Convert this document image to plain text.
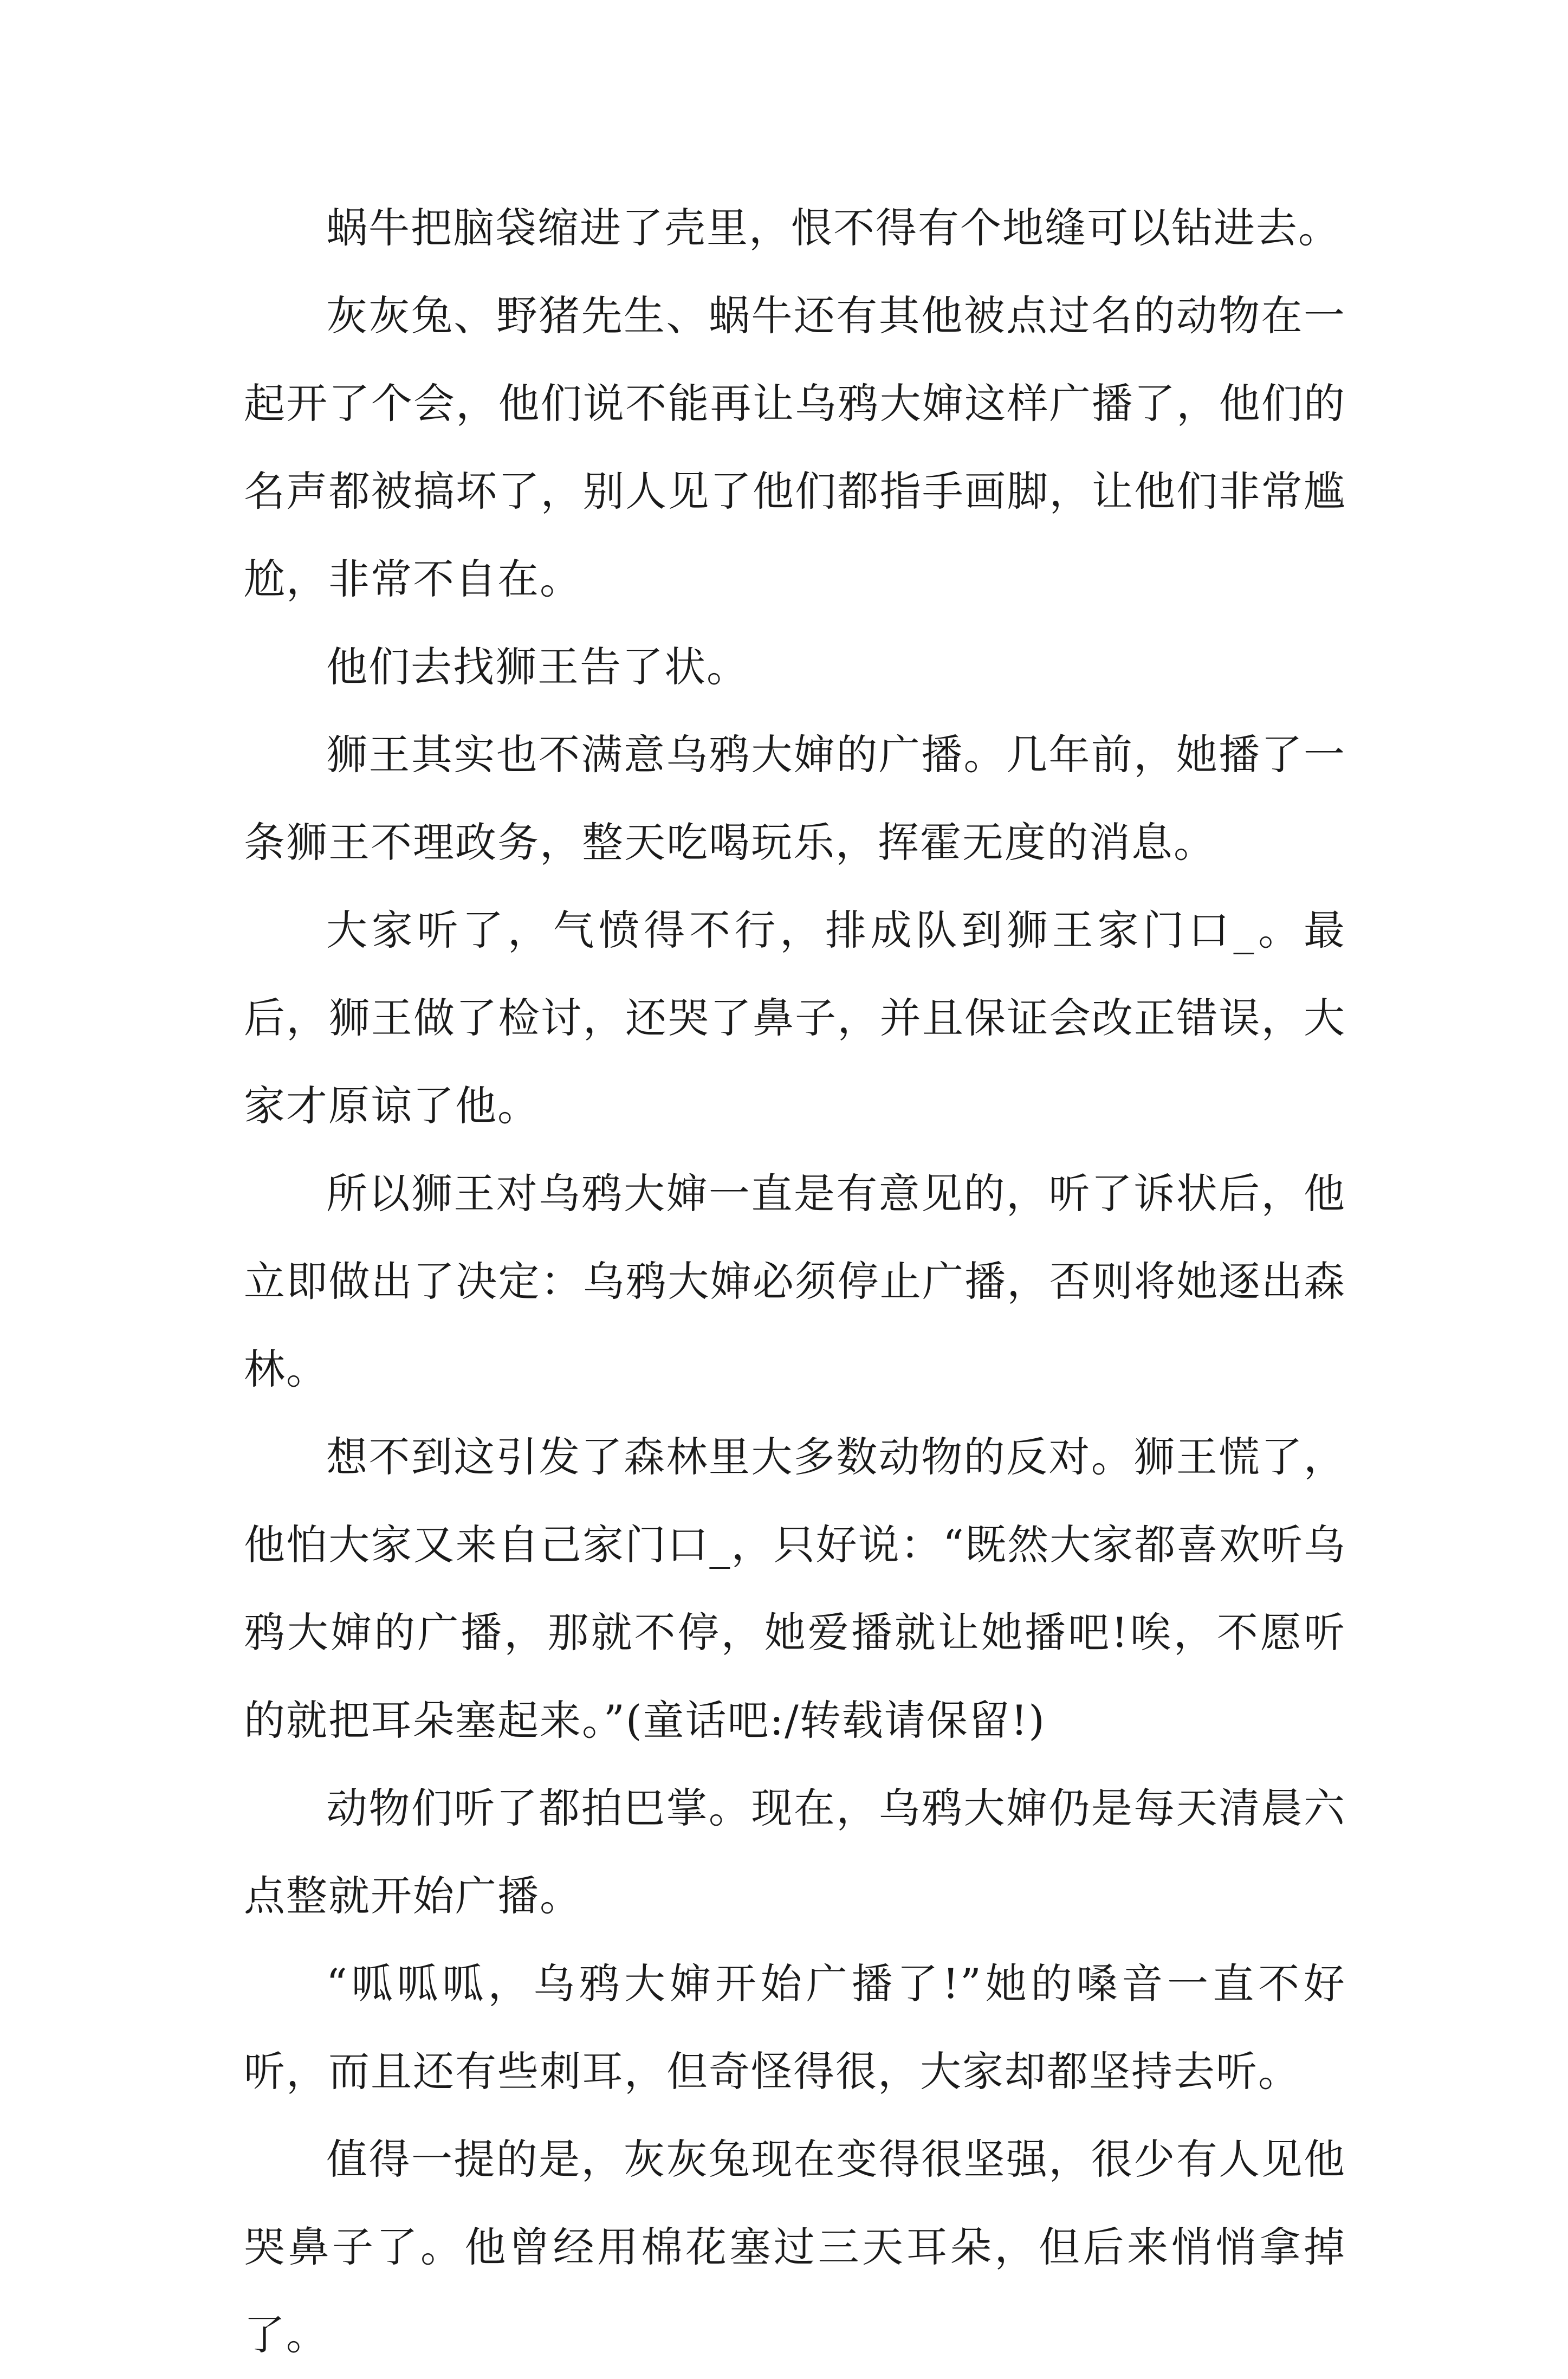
蜗牛把脑袋缩进了壳里，恨不得有个地缝可以钻进去。

灰灰兔、野猪先生、蜗牛还有其他被点过名的动物在一起开了个会，他们说不能再让乌鸦大婶这样广播了，他们的名声都被搞坏了，别人见了他们都指手画脚，让他们非常尴尬，非常不自在。

他们去找狮王告了状。

狮王其实也不满意乌鸦大婶的广播。几年前，她播了一条狮王不理政务，整天吃喝玩乐，挥霍无度的消息。

大家听了，气愤得不行，排成队到狮王家门口_。最后，狮王做了检讨，还哭了鼻子，并且保证会改正错误，大家才原谅了他。

所以狮王对乌鸦大婶一直是有意见的，听了诉状后，他立即做出了决定：乌鸦大婶必须停止广播，否则将她逐出森林。

想不到这引发了森林里大多数动物的反对。狮王慌了，他怕大家又来自己家门口_，只好说：“既然大家都喜欢听乌鸦大婶的广播，那就不停，她爱播就让她播吧!唉，不愿听的就把耳朵塞起来。”(童话吧:/转载请保留!)

动物们听了都拍巴掌。现在，乌鸦大婶仍是每天清晨六点整就开始广播。

“呱呱呱，乌鸦大婶开始广播了!”她的嗓音一直不好听，而且还有些刺耳，但奇怪得很，大家却都坚持去听。

值得一提的是，灰灰兔现在变得很坚强，很少有人见他哭鼻子了。他曾经用棉花塞过三天耳朵，但后来悄悄拿掉了。
